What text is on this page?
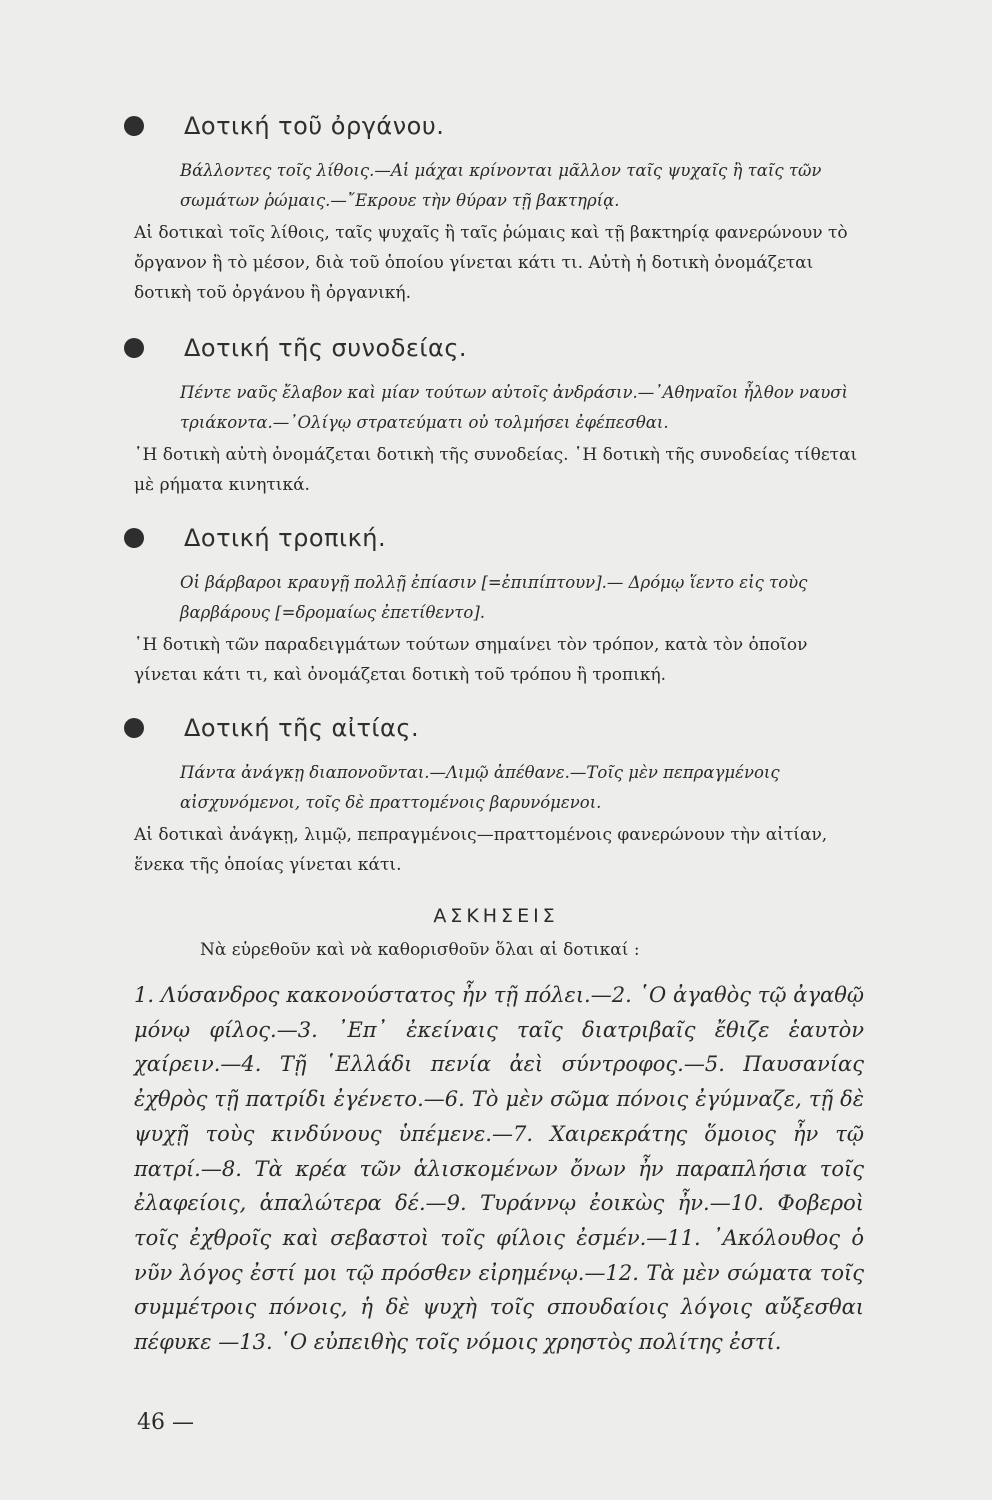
Δοτική τοῦ ὀργάνου.
Βάλλοντες τοῖς λίθοις.—Αἱ μάχαι κρίνονται μᾶλλον ταῖς ψυχαῖς ἢ ταῖς τῶν σωμάτων ῥώμαις.—῎Εκρουε τὴν θύραν τῇ βακτηρίᾳ.
Αἱ δοτικαὶ τοῖς λίθοις, ταῖς ψυχαῖς ἢ ταῖς ῥώμαις καὶ τῇ βακτηρίᾳ φανερώνουν τὸ ὄργανον ἢ τὸ μέσον, διὰ τοῦ ὁποίου γίνεται κάτι τι. Αὐτὴ ἡ δοτικὴ ὀνομάζεται δοτικὴ τοῦ ὀργάνου ἢ ὀργανική.
Δοτική τῆς συνοδείας.
Πέντε ναῦς ἔλαβον καὶ μίαν τούτων αὐτοῖς ἀνδράσιν.—᾿Αθηναῖοι ἦλθον ναυσὶ τριάκοντα.—᾿Ολίγῳ στρατεύματι οὐ τολμήσει ἐφέπεσθαι.
῾Η δοτικὴ αὐτὴ ὀνομάζεται δοτικὴ τῆς συνοδείας. ῾Η δοτικὴ τῆς συνοδείας τίθεται μὲ ρήματα κινητικά.
Δοτική τροπική.
Οἱ βάρβαροι κραυγῇ πολλῇ ἐπίασιν [=ἐπιπίπτουν].— Δρόμῳ ἵεντο εἰς τοὺς βαρβάρους [=δρομαίως ἐπετίθεντο].
῾Η δοτικὴ τῶν παραδειγμάτων τούτων σημαίνει τὸν τρόπον, κατὰ τὸν ὁποῖον γίνεται κάτι τι, καὶ ὀνομάζεται δοτικὴ τοῦ τρόπου ἢ τροπική.
Δοτική τῆς αἰτίας.
Πάντα ἀνάγκῃ διαπονοῦνται.—Λιμῷ ἀπέθανε.—Τοῖς μὲν πεπραγμένοις αἰσχυνόμενοι, τοῖς δὲ πραττομένοις βαρυνόμενοι.
Αἱ δοτικαὶ ἀνάγκῃ, λιμῷ, πεπραγμένοις—πραττομένοις φανερώνουν τὴν αἰτίαν, ἕνεκα τῆς ὁποίας γίνεται κάτι.
ΑΣΚΗΣΕΙΣ
Νὰ εὑρεθοῦν καὶ νὰ καθορισθοῦν ὅλαι αἱ δοτικαί :
1. Λύσανδρος κακονούστατος ἦν τῇ πόλει.—2. ῾Ο ἀγαθὸς τῷ ἀγαθῷ μόνῳ φίλος.—3. ᾿Επ᾿ ἐκείναις ταῖς διατριβαῖς ἔθιζε ἑαυτὸν χαίρειν.—4. Τῇ ῾Ελλάδι πενία ἀεὶ σύντροφος.—5. Παυσανίας ἐχθρὸς τῇ πατρίδι ἐγένετο.—6. Τὸ μὲν σῶμα πόνοις ἐγύμναζε, τῇ δὲ ψυχῇ τοὺς κινδύνους ὑπέμενε.—7. Χαιρεκράτης ὅμοιος ἦν τῷ πατρί.—8. Τὰ κρέα τῶν ἁλισκομένων ὄνων ἦν παραπλήσια τοῖς ἐλαφείοις, ἁπαλώτερα δέ.—9. Τυράννῳ ἐοικὼς ἦν.—10. Φοβεροὶ τοῖς ἐχθροῖς καὶ σεβαστοὶ τοῖς φίλοις ἐσμέν.—11. ᾿Ακόλουθος ὁ νῦν λόγος ἐστί μοι τῷ πρόσθεν εἰρημένῳ.—12. Τὰ μὲν σώματα τοῖς συμμέτροις πόνοις, ἡ δὲ ψυχὴ τοῖς σπουδαίοις λόγοις αὔξεσθαι πέφυκε —13. ῾Ο εὐπειθὴς τοῖς νόμοις χρηστὸς πολίτης ἐστί.
46 —
